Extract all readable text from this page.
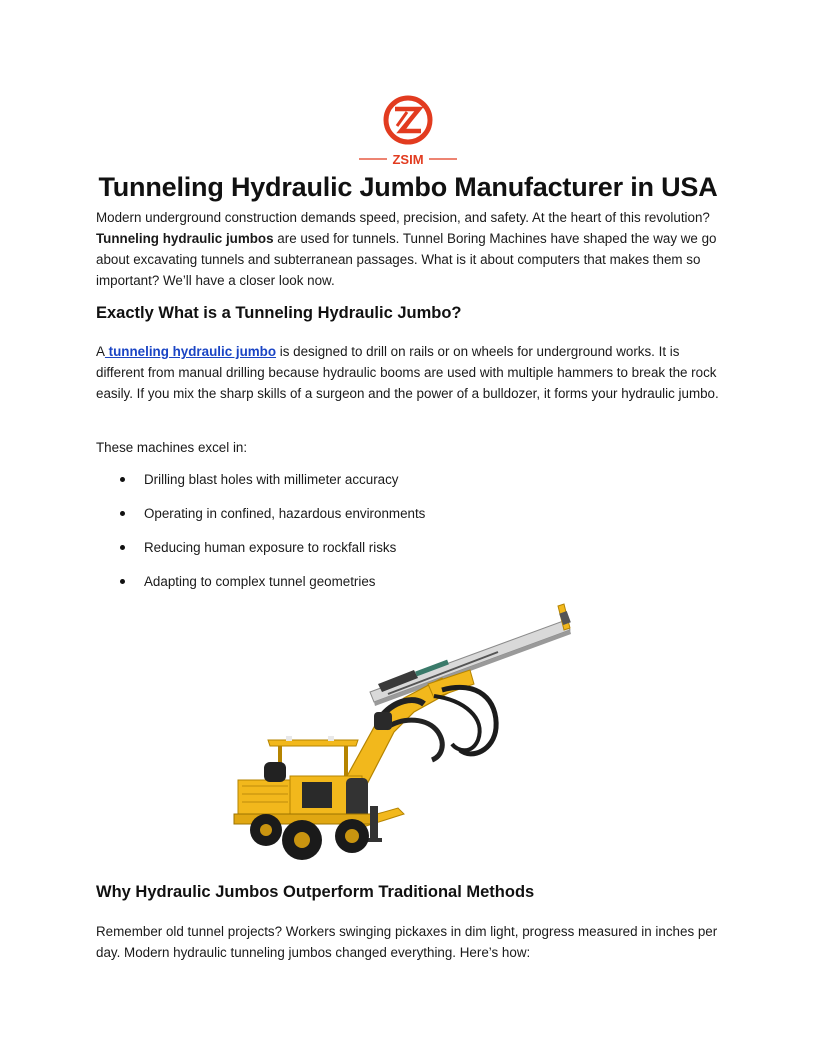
ZSIM
Tunneling Hydraulic Jumbo Manufacturer in USA

Modern underground construction demands speed, precision, and safety. At the heart of this revolution? Tunneling hydraulic jumbos are used for tunnels. Tunnel Boring Machines have shaped the way we go about excavating tunnels and subterranean passages. What is it about computers that makes them so important? We’ll have a closer look now.

Exactly What is a Tunneling Hydraulic Jumbo?

A tunneling hydraulic jumbo is designed to drill on rails or on wheels for underground works. It is different from manual drilling because hydraulic booms are used with multiple hammers to break the rock easily. If you mix the sharp skills of a surgeon and the power of a bulldozer, it forms your hydraulic jumbo.

These machines excel in:

Drilling blast holes with millimeter accuracy
Operating in confined, hazardous environments
Reducing human exposure to rockfall risks
Adapting to complex tunnel geometries
Why Hydraulic Jumbos Outperform Traditional Methods

Remember old tunnel projects? Workers swinging pickaxes in dim light, progress measured in inches per day. Modern hydraulic tunneling jumbos changed everything. Here’s how:
